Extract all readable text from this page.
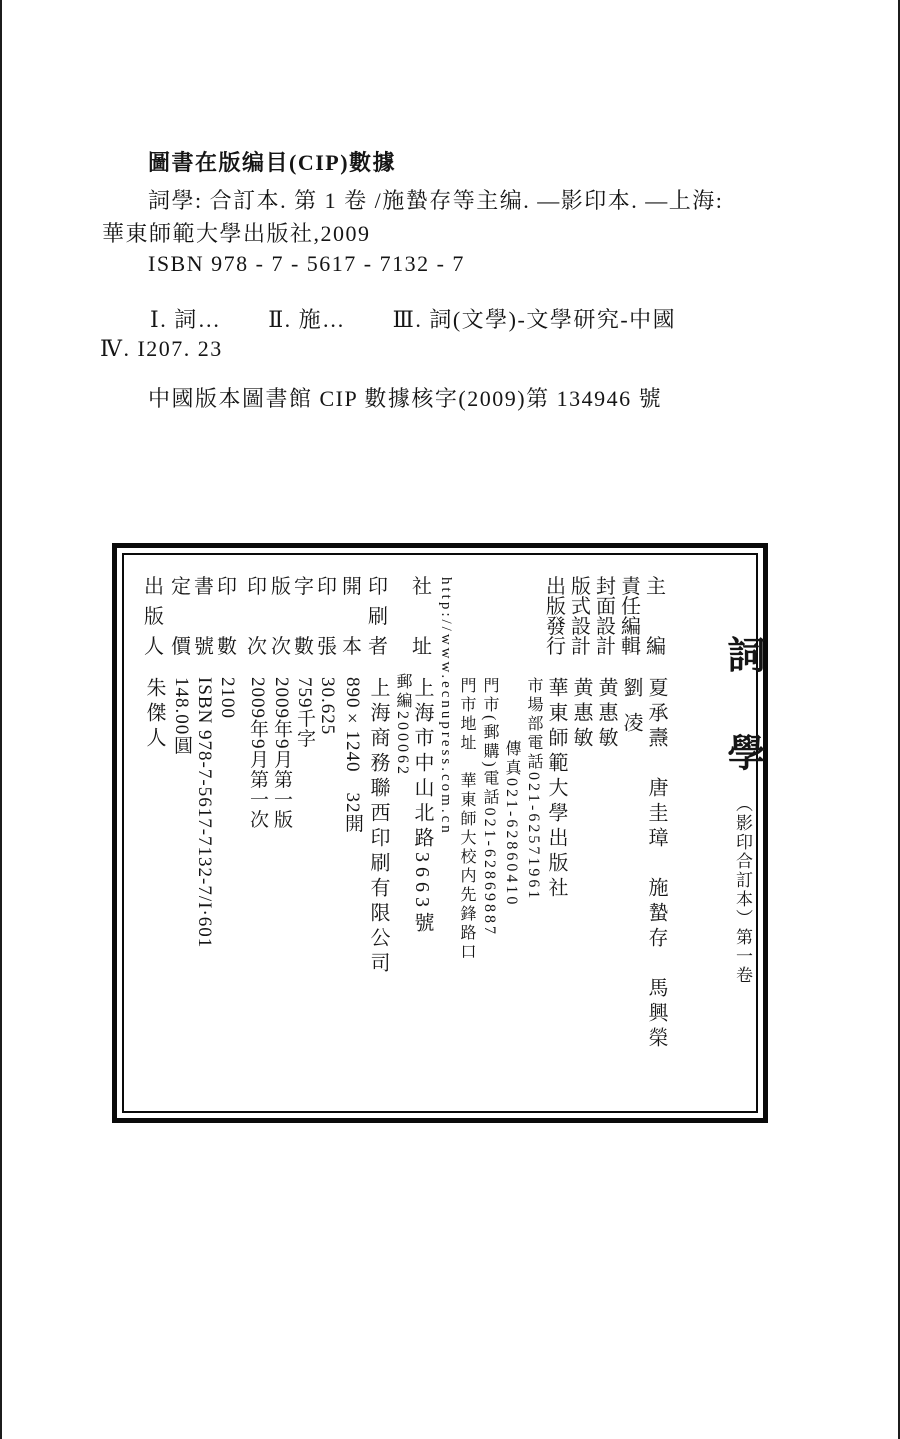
圖書在版编目(CIP)數據
詞學: 合訂本. 第 1 卷 /施蟄存等主编. —影印本. —上海:
華東師範大學出版社,2009
ISBN 978 - 7 - 5617 - 7132 - 7
Ⅰ. 詞…　　Ⅱ. 施…　　Ⅲ. 詞(文學)-文學研究-中國
Ⅳ. I207. 23
中國版本圖書館 CIP 數據核字(2009)第 134946 號
詞學（影印合訂本）第一卷
主
編
夏承燾　唐圭璋　施蟄存　馬興榮
責
任
編
輯
劉 凌
封
面
設
計
黄惠敏
版
式
設
計
黄惠敏
出
版
發
行
華東師範大學出版社
市場部電話021-62571961
傳真021-62860410
門市(郵購)電話021-62869887
門市地址　華東師大校内先鋒路口
http://www.ecnupress.com.cn
社
址
上海市中山北路3663號
郵編200062
印
刷
者
上海商務聯西印刷有限公司
開
本
890×1240　32開
印
張
30.625
字
數
759千字
版
次
2009年9月第一版
印
次
2009年9月第一次
印
數
2100
書
號
ISBN 978-7-5617-7132-7/I·601
定
價
148.00圓
出
版
人
朱傑人
